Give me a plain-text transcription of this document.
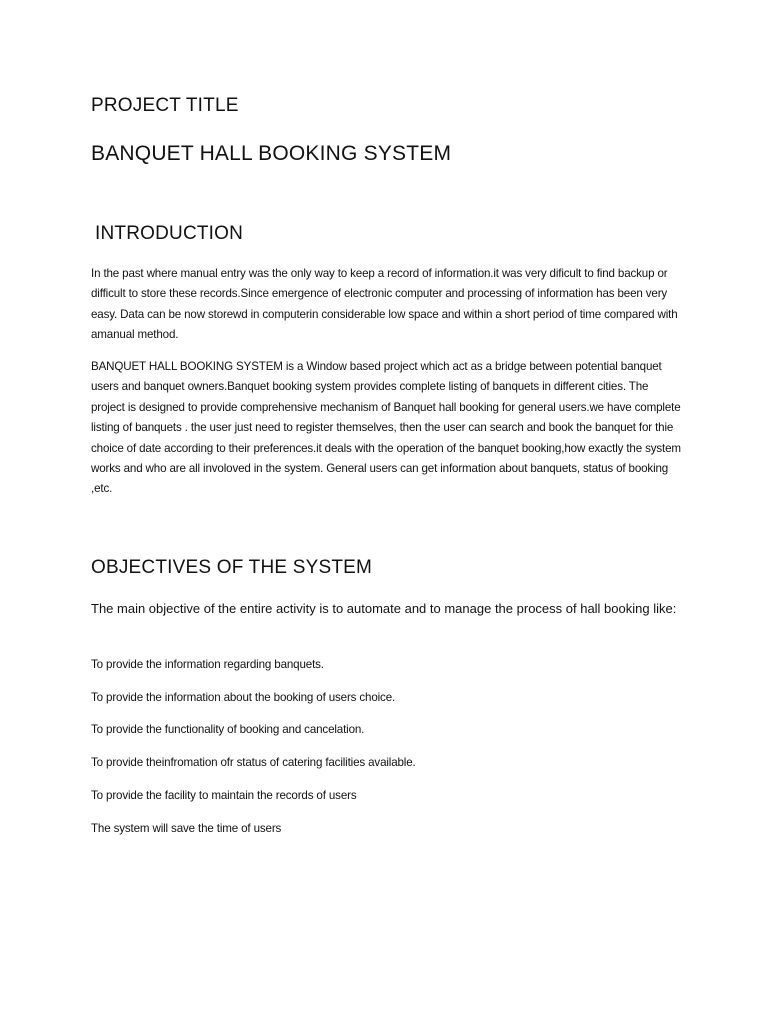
PROJECT TITLE
BANQUET HALL BOOKING SYSTEM
INTRODUCTION

In the past where manual entry was the only way to keep a record of information.it was very dificult to find backup or difficult to store these records.Since emergence of electronic computer and processing of information has been very easy. Data can be now storewd in computerin considerable low space and within a short period of time compared with amanual method.

BANQUET HALL BOOKING SYSTEM is a Window based project which act as a bridge between potential banquet users and banquet owners.Banquet booking system provides complete listing of banquets in different cities. The project is designed to provide comprehensive mechanism of Banquet hall booking for general users.we have complete listing of banquets . the user just need to register themselves, then the user can search and book the banquet for thie choice of date according to their preferences.it deals with the operation of the banquet booking,how exactly the system works and who are all involoved in the system. General users can get information about banquets, status of booking ,etc.

OBJECTIVES OF THE SYSTEM

The main objective of the entire activity is to automate and to manage the process of hall booking like:

To provide the information regarding banquets.

To provide the information about the booking of users choice.

To provide the functionality of booking and cancelation.

To provide theinfromation ofr status of catering facilities available.

To provide the facility to maintain the records of users

The system will save the time of users
